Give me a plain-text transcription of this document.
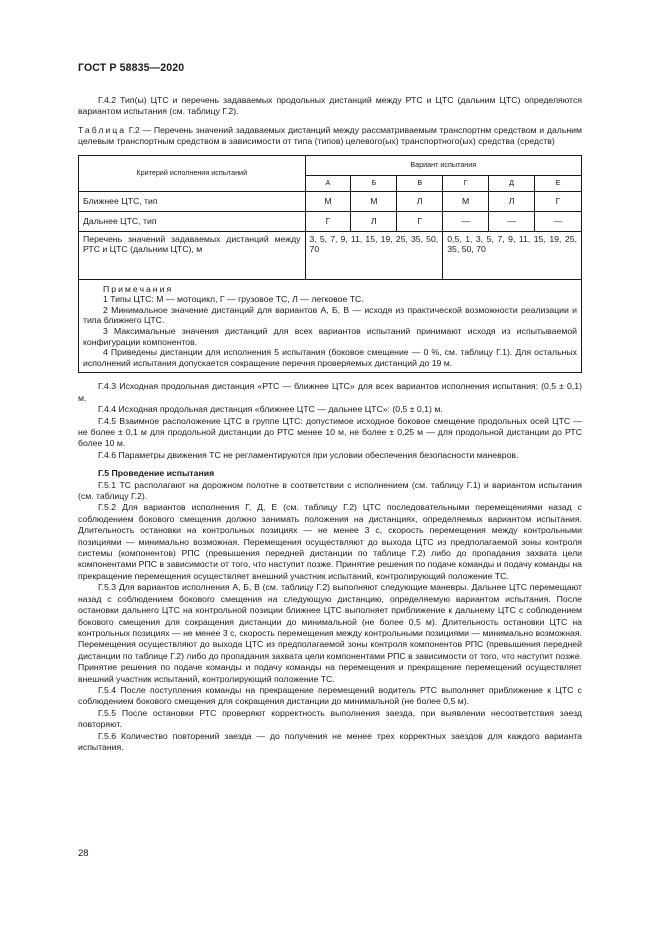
ГОСТ Р 58835—2020

Г.4.2 Тип(ы) ЦТС и перечень задаваемых продольных дистанций между РТС и ЦТС (дальним ЦТС) определяются вариантом испытания (см. таблицу Г.2).

Таблица Г.2 — Перечень значений задаваемых дистанций между рассматриваемым транспортнм средством и дальним целевым транспортным средством в зависимости от типа (типов) целевого(ых) транспортного(ых) средства (средств)
Критерий исполнения испытаний	Вариант испытания					
	А	Б	В	Г	Д	Е
Ближнее ЦТС, тип	М	М	Л	М	Л	Г
Дальнее ЦТС, тип	Г	Л	Г	—	—	—
Перечень значений задаваемых дистанций между РТС и ЦТС (дальним ЦТС), м	3, 5, 7, 9, 11, 15, 19, 25, 35, 50, 70			0,5, 1, 3, 5, 7, 9, 11, 15, 19, 25, 35, 50, 70		

Примечания
1 Типы ЦТС: М — мотоцикл, Г — грузовое ТС, Л — легковое ТС.
2 Минимальное значение дистанций для вариантов А, Б, В — исходя из практической возможности реализации и типа ближнего ЦТС.
3 Максимальные значения дистанций для всех вариантов испытаний принимают исходя из испытываемой конфигурации компонентов.
4 Приведены дистанции для исполнения 5 испытания (боковое смещение — 0 %, см. таблицу Г.1). Для остальных исполнений испытания допускается сокращение перечня проверяемых дистанций до 19 м.						

Г.4.3 Исходная продольная дистанция «РТС — ближнее ЦТС» для всех вариантов исполнения испытания: (0,5 ± 0,1) м.

Г.4.4 Исходная продольная дистанция «ближнее ЦТС — дальнее ЦТС»: (0,5 ± 0,1) м.

Г.4.5 Взаимное расположение ЦТС в группе ЦТС: допустимое исходное боковое смещение продольных осей ЦТС — не более ± 0,1 м для продольной дистанции до РТС менее 10 м, не более ± 0,25 м — для продольной дистанции до РТС более 10 м.

Г.4.6 Параметры движения ТС не регламентируются при условии обеспечения безопасности маневров.

Г.5 Проведение испытания

Г.5.1 ТС располагают на дорожном полотне в соответствии с исполнением (см. таблицу Г.1) и вариантом испытания (см. таблицу Г.2).

Г.5.2 Для вариантов исполнения Г, Д, Е (см. таблицу Г.2) ЦТС последовательными перемещениями назад с соблюдением бокового смещения должно занимать положения на дистанциях, определяемых вариантом испытания. Длительность остановки на контрольных позициях — не менее 3 с, скорость перемещения между контрольными позициями — минимально возможная. Перемещения осуществляют до выхода ЦТС из предполагаемой зоны контроля системы (компонентов) РПС (превышения передней дистанции по таблице Г.2) либо до пропадания захвата цели компонентами РПС в зависимости от того, что наступит позже. Принятие решения по подаче команды и подачу команды на прекращение перемещения осуществляет внешний участник испытаний, контролирующий положение ТС.

Г.5.3 Для вариантов исполнения А, Б, В (см. таблицу Г.2) выполняют следующие маневры. Дальнее ЦТС перемещают назад с соблюдением бокового смещения на следующую дистанцию, определяемую вариантом испытания. После остановки дальнего ЦТС на контрольной позиции ближнее ЦТС выполняет приближение к дальнему ЦТС с соблюдением бокового смещения для сокращения дистанции до минимальной (не более 0,5 м). Длительность остановки ЦТС на контрольных позициях — не менее 3 с, скорость перемещения между контрольными позициями — минимально возможная. Перемещения осуществляют до выхода ЦТС из предполагаемой зоны контроля компонентов РПС (превышения передней дистанции по таблице Г.2) либо до пропадания захвата цели компонентами РПС в зависимости от того, что наступит позже. Принятие решения по подаче команды и подачу команды на перемещения и прекращение перемещений осуществляет внешний участник испытаний, контролирующий положение ТС.

Г.5.4 После поступления команды на прекращение перемещений водитель РТС выполняет приближение к ЦТС с соблюдением бокового смещения для сокращения дистанции до минимальной (не более 0,5 м).

Г.5.5 После остановки РТС проверяют корректность выполнения заезда, при выявлении несоответствия заезд повторяют.

Г.5.6 Количество повторений заезда — до получения не менее трех корректных заездов для каждого варианта испытания.

28
